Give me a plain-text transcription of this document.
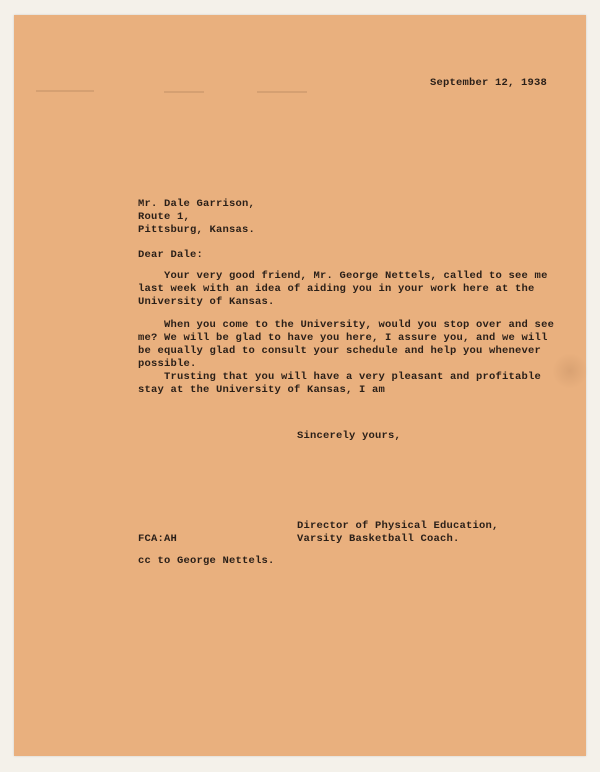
September 12, 1938
Mr. Dale Garrison,
Route 1,
Pittsburg, Kansas.
Dear Dale:
Your very good friend, Mr. George Nettels, called to see me
last week with an idea of aiding you in your work here at the
University of Kansas.
When you come to the University, would you stop over and see
me? We will be glad to have you here, I assure you, and we will
be equally glad to consult your schedule and help you whenever
possible.
Trusting that you will have a very pleasant and profitable
stay at the University of Kansas, I am
Sincerely yours,
Director of Physical Education,
Varsity Basketball Coach.
FCA:AH
cc to George Nettels.
